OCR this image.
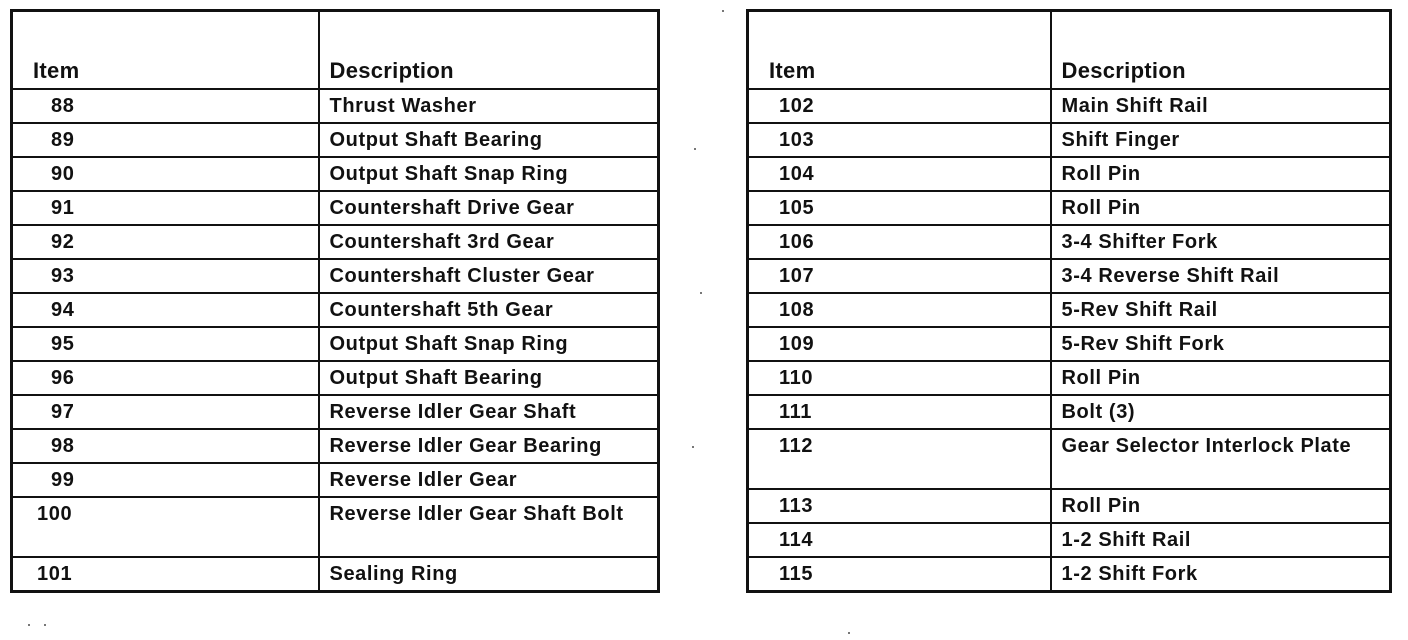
Item	Description
88	Thrust Washer
89	Output Shaft Bearing
90	Output Shaft Snap Ring
91	Countershaft Drive Gear
92	Countershaft 3rd Gear
93	Countershaft Cluster Gear
94	Countershaft 5th Gear
95	Output Shaft Snap Ring
96	Output Shaft Bearing
97	Reverse Idler Gear Shaft
98	Reverse Idler Gear Bearing
99	Reverse Idler Gear
100	Reverse Idler Gear Shaft Bolt
101	Sealing Ring
Item	Description
102	Main Shift Rail
103	Shift Finger
104	Roll Pin
105	Roll Pin
106	3-4 Shifter Fork
107	3-4 Reverse Shift Rail
108	5-Rev Shift Rail
109	5-Rev Shift Fork
110	Roll Pin
111	Bolt (3)
112	Gear Selector Interlock Plate
113	Roll Pin
114	1-2 Shift Rail
115	1-2 Shift Fork
